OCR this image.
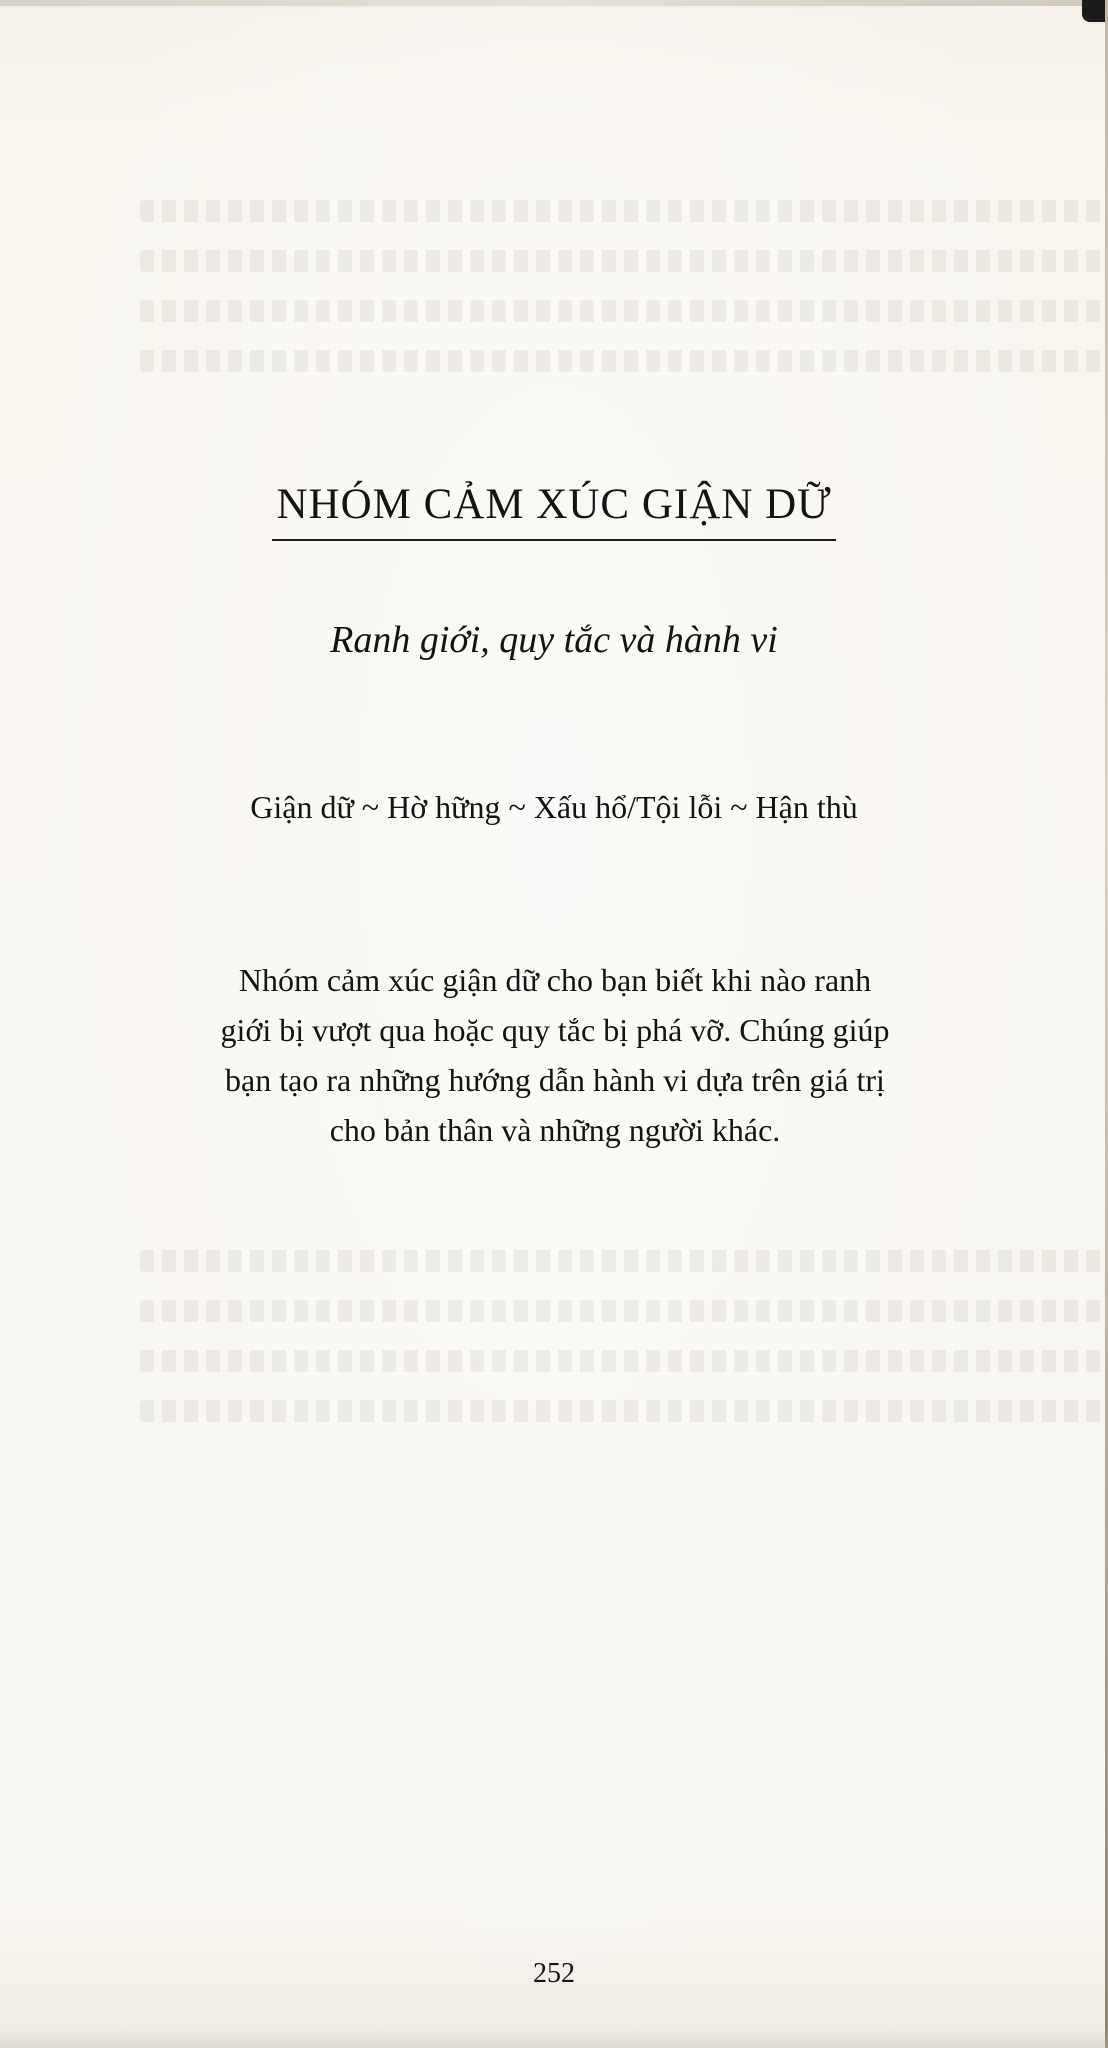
NHÓM CẢM XÚC GIẬN DỮ

Ranh giới, quy tắc và hành vi

Giận dữ ~ Hờ hững ~ Xấu hổ/Tội lỗi ~ Hận thù

Nhóm cảm xúc giận dữ cho bạn biết khi nào ranh
giới bị vượt qua hoặc quy tắc bị phá vỡ. Chúng giúp
bạn tạo ra những hướng dẫn hành vi dựa trên giá trị
cho bản thân và những người khác.

252
